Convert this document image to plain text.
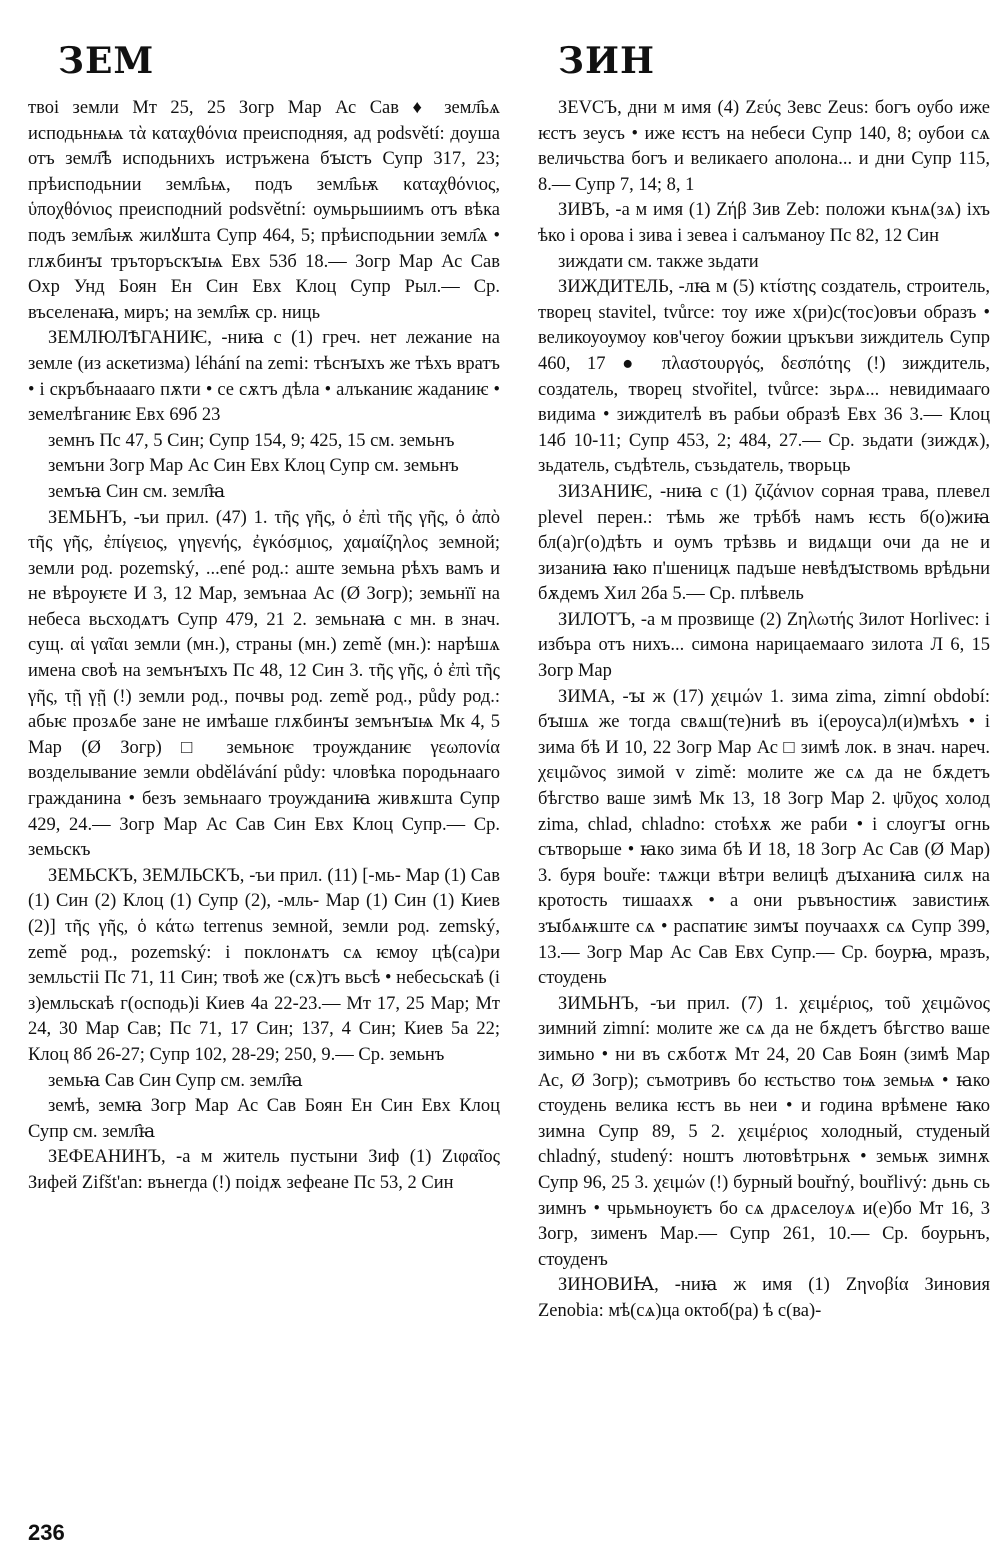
ЗЕМ	ЗИН

твоі земли Мт 25, 25 Зогр Мар Ас Сав ♦ земл҄ьѧ исподьнѩѩ τὰ καταχθόνια преисподняя, ад podsvětí: доуша отъ земл҄ѣ исподьнихъ истръжена бꙑстъ Супр 317, 23; прѣисподьнии земл҄ьѩ, подъ земл҄ьѭ καταχθόνιος, ὑποχθόνιος преисподний podsvětní: оумьрьшиимъ отъ вѣка подъ земл҄ьѭ жилꙋшта Супр 464, 5; прѣисподьнии земл҄ѧ • глѫбинꙑ тръторъскꙑѩ Евх 53б 18.— Зогр Мар Ас Сав Охр Унд Боян Ен Син Евх Клоц Супр Рыл.— Ср. въселенаꙗ, миръ; на земл҄ѭ ср. ниць

ЗЕМЛЮЛѢГАНИѤ, -ниꙗ с (1) греч. нет лежание на земле (из аскетизма) léhání na zemi: тѣснꙑхъ же тѣхъ вратъ • і скръбънаааго пѫти • се сѫтъ дѣла • алъканиѥ жаданиѥ • земелѣганиѥ Евх 69б 23

земнъ Пс 47, 5 Син; Супр 154, 9; 425, 15 см. земьнъ

земъни Зогр Мар Ас Син Евх Клоц Супр см. земьнъ

земъꙗ Син см. земл҄ꙗ

ЗЕМЬНЪ, -ъи прил. (47) 1. τῆς γῆς, ὁ ἐπὶ τῆς γῆς, ὁ ἀπὸ τῆς γῆς, ἐπίγειος, γηγενής, ἐγκόσμιος, χαμαίζηλος земной; земли род. pozemský, ...ené род.: аште земьна рѣхъ вамъ и не вѣроуѥте И 3, 12 Мар, земънаа Ас (Ø Зогр); земьнїї на небеса вьсходѧтъ Супр 479, 21 2. земьнаꙗ с мн. в знач. сущ. αἱ γαῖαι земли (мн.), страны (мн.) země (мн.): нарѣшѧ имена своѣ на земънꙑхъ Пс 48, 12 Син 3. τῆς γῆς, ὁ ἐπὶ τῆς γῆς, τῇ γῇ (!) земли род., почвы род. země род., půdy род.: абьѥ прозѧбе зане не имѣаше глѫбинꙑ земънꙑѩ Мк 4, 5 Мар (Ø Зогр) □ земьноѥ троужданиѥ γεωπονία возделывание земли obdělávání půdy: чловѣка породьнааго гражданина • безъ земьнааго троужданиꙗ живѫшта Супр 429, 24.— Зогр Мар Ас Сав Син Евх Клоц Супр.— Ср. земьскъ

ЗЕМЬСКЪ, ЗЕМЛЬСКЪ, -ъи прил. (11) [-мь- Мар (1) Сав (1) Син (2) Клоц (1) Супр (2), -мль- Мар (1) Син (1) Киев (2)] τῆς γῆς, ὁ κάτω terrenus земной, земли род. zemský, země род., pozemský: і поклонѧтъ сѧ ѥмоу цѣ(са)ри земльстіі Пс 71, 11 Син; твоѣ же (сѫ)тъ вьсѣ • небесьскаѣ (і з)емльскаѣ г(осподь)і Киев 4а 22-23.— Мт 17, 25 Мар; Мт 24, 30 Мар Сав; Пс 71, 17 Син; 137, 4 Син; Киев 5а 22; Клоц 8б 26-27; Супр 102, 28-29; 250, 9.— Ср. земьнъ

земьꙗ Сав Син Супр см. земл҄ꙗ

земѣ, земꙗ Зогр Мар Ас Сав Боян Ен Син Евх Клоц Супр см. земл҄ꙗ

ЗЕФЕАНИНЪ, -а м житель пустыни Зиф (1) Ζιφαῖος Зифей Zifšt'an: вънегда (!) поідѫ зефеане Пс 53, 2 Син

ЗЕVСЪ, дни м имя (4) Ζεύς Зевс Zeus: богъ оубо иже ѥстъ зеусъ • иже ѥстъ на небеси Супр 140, 8; оубои сѧ величьства богъ и великаего аполона... и дни Супр 115, 8.— Супр 7, 14; 8, 1

ЗИВЪ, -а м имя (1) Ζήβ Зив Zeb: положи кънѧ(зѧ) іхъ ѣко і орова і зива і зевеа і салъманоу Пс 82, 12 Син

зиждати см. также зьдати

ЗИЖДИТЕЛЬ, -лꙗ м (5) κτίστης создатель, строитель, творец stavitel, tvůrce: тоу иже х(ри)с(тос)овъи образъ • великоуоумоу ков'чегоу божии цръкъви зиждитель Супр 460, 17 ● πλαστουργός, δεσπότης (!) зиждитель, создатель, творец stvořitel, tvůrce: зьрѧ... невидимааго видима • зиждителѣ въ рабьи образѣ Евх 36 3.— Клоц 14б 10-11; Супр 453, 2; 484, 27.— Ср. зьдати (зиждѫ), зьдатель, съдѣтель, съзьдатель, творьць

ЗИЗАНИѤ, -ниꙗ с (1) ζιζάνιον сорная трава, плевел plevel перен.: тѣмь же трѣбѣ намъ ѥсть б(о)жиꙗ бл(а)г(о)дѣть и оумъ трѣзвь и видѧщи очи да не и зизаниꙗ ꙗко п'шеницѫ падъше невѣдꙑствомь врѣдьни бѫдемъ Хил 2ба 5.— Ср. плѣвель

ЗИЛОТЪ, -а м прозвище (2) Ζηλωτής Зилот Horlivec: і избъра отъ нихъ... симона нарицаемааго зилота Л 6, 15 Зогр Мар

ЗИМА, -ꙑ ж (17) χειμών 1. зима zima, zimní období: бꙑшѧ же тогда свѧш(те)ниѣ въ і(ероуса)л(и)мѣхъ • і зима бѣ И 10, 22 Зогр Мар Ас □ зимѣ лок. в знач. нареч. χειμῶνος зимой v zimě: молите же сѧ да не бѫдетъ бѣгство ваше зимѣ Мк 13, 18 Зогр Мар 2. ψῦχος холод zima, chlad, chladno: стоѣхѫ же раби • і слоугꙑ огнь сътворьше • ꙗко зима бѣ И 18, 18 Зогр Ас Сав (Ø Мар) 3. буря bouře: тѧжци вѣтри велицѣ дꙑханиꙗ силѫ на кротость тишаахѫ • а они ръвъностиѭ завистиѭ зꙑбѧѭште сѧ • распатиѥ зимꙑ поучаахѫ сѧ Супр 399, 13.— Зогр Мар Ас Сав Евх Супр.— Ср. боурꙗ, мразъ, стоудень

ЗИМЬНЪ, -ъи прил. (7) 1. χειμέριος, τοῦ χειμῶνος зимний zimní: молите же сѧ да не бѫдетъ бѣгство ваше зимьно • ни въ сѫботѫ Мт 24, 20 Сав Боян (зимѣ Мар Ас, Ø Зогр); съмотривъ бо ѥстьство тоѩ земьѩ • ꙗко стоудень велика ѥстъ вь неи • и година врѣмене ꙗко зимна Супр 89, 5 2. χειμέριος холодный, студеный chladný, studený: ноштъ лютовѣтрьнѫ • земьѭ зимнѫ Супр 96, 25 3. χειμών (!) бурный bouřný, bouřlivý: дьнь сь зимнъ • чрьмьноуѥтъ бо сѧ дрѧселоуѧ и(е)бо Мт 16, 3 Зогр, зименъ Мар.— Супр 261, 10.— Ср. боурьнъ, стоуденъ

ЗИНОВИꙖ, -ниꙗ ж имя (1) Ζηνοβία Зиновия Zenobia: мѣ(сѧ)ца октоб(ра) ѣ с(ва)-

236
